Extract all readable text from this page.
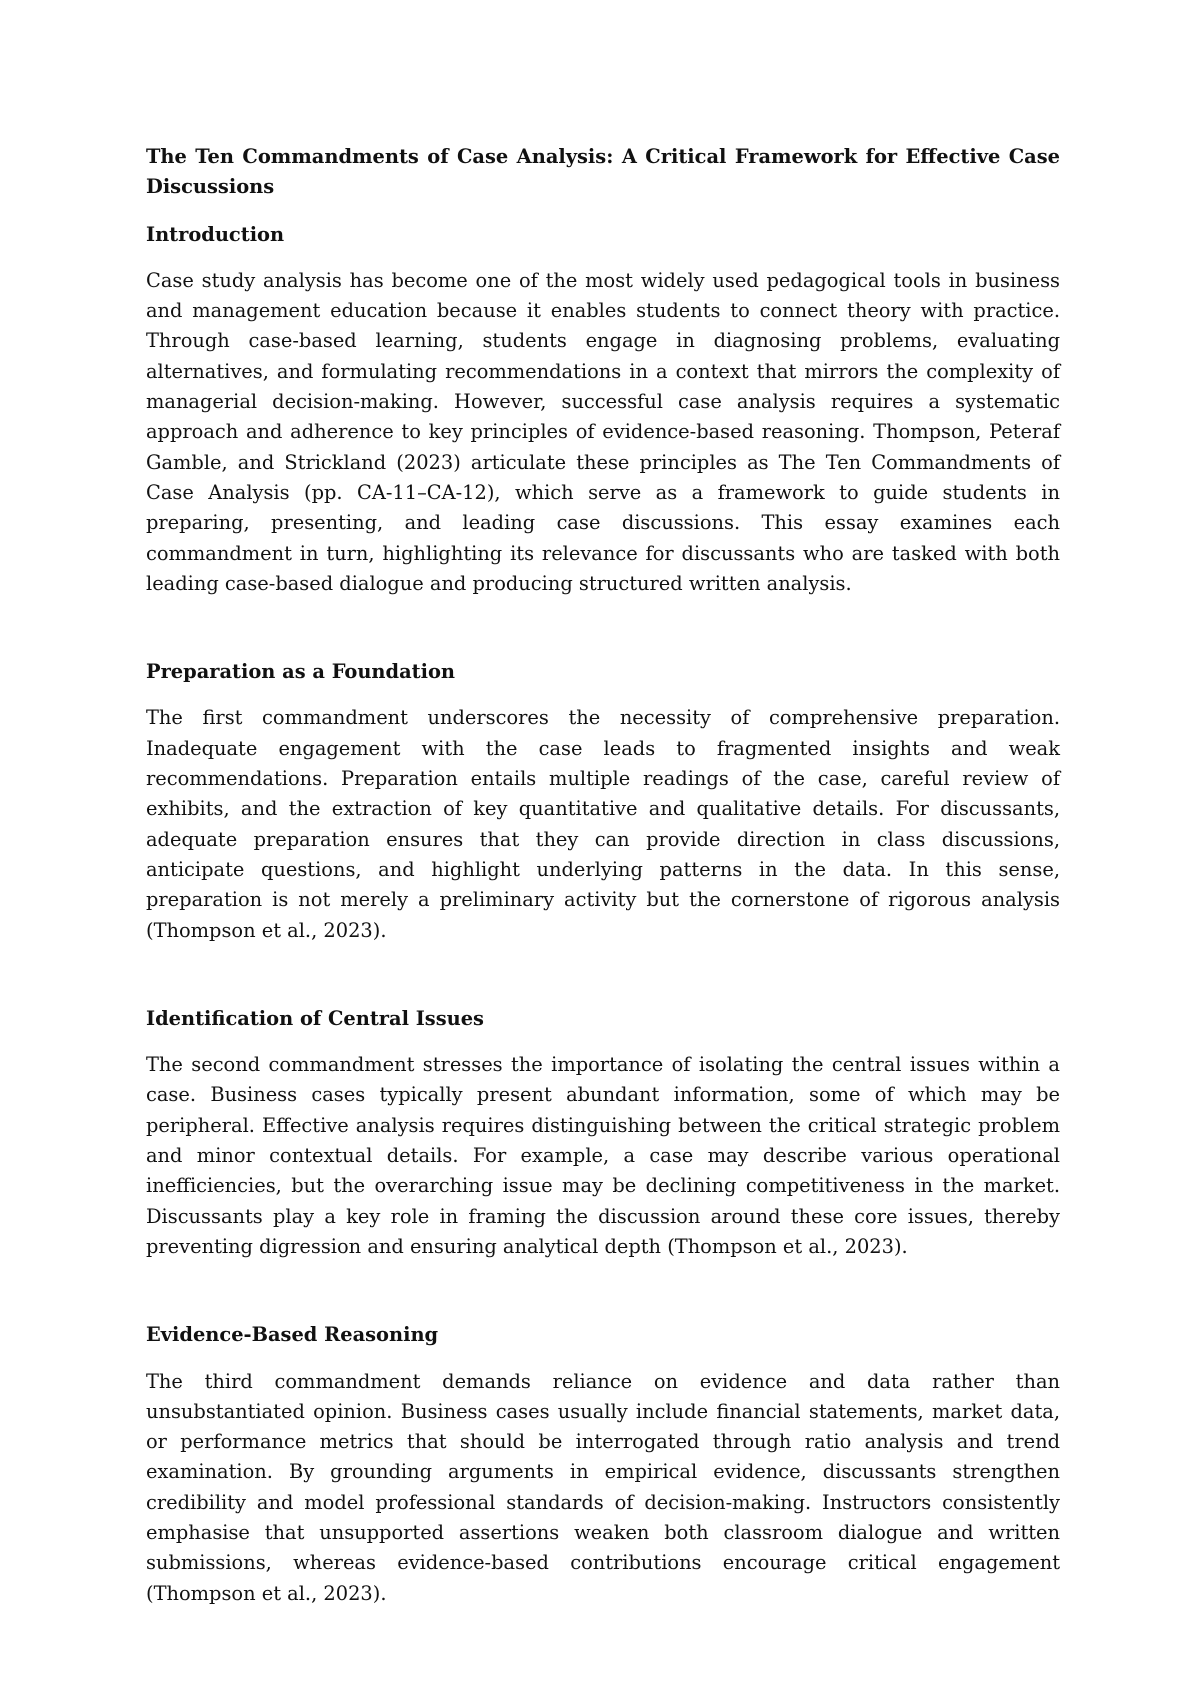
The Ten Commandments of Case Analysis: A Critical Framework for Effective Case Discussions
Introduction

Case study analysis has become one of the most widely used pedagogical tools in business and management education because it enables students to connect theory with practice. Through case-based learning, students engage in diagnosing problems, evaluating alternatives, and formulating recommendations in a context that mirrors the complexity of managerial decision-making. However, successful case analysis requires a systematic approach and adherence to key principles of evidence-based reasoning. Thompson, Peteraf Gamble, and Strickland (2023) articulate these principles as The Ten Commandments of Case Analysis (pp. CA-11–CA-12), which serve as a framework to guide students in preparing, presenting, and leading case discussions. This essay examines each commandment in turn, highlighting its relevance for discussants who are tasked with both leading case-based dialogue and producing structured written analysis.

Preparation as a Foundation

The first commandment underscores the necessity of comprehensive preparation. Inadequate engagement with the case leads to fragmented insights and weak recommendations. Preparation entails multiple readings of the case, careful review of exhibits, and the extraction of key quantitative and qualitative details. For discussants, adequate preparation ensures that they can provide direction in class discussions, anticipate questions, and highlight underlying patterns in the data. In this sense, preparation is not merely a preliminary activity but the cornerstone of rigorous analysis (Thompson et al., 2023).

Identification of Central Issues

The second commandment stresses the importance of isolating the central issues within a case. Business cases typically present abundant information, some of which may be peripheral. Effective analysis requires distinguishing between the critical strategic problem and minor contextual details. For example, a case may describe various operational inefficiencies, but the overarching issue may be declining competitiveness in the market. Discussants play a key role in framing the discussion around these core issues, thereby preventing digression and ensuring analytical depth (Thompson et al., 2023).

Evidence-Based Reasoning

The third commandment demands reliance on evidence and data rather than unsubstantiated opinion. Business cases usually include financial statements, market data, or performance metrics that should be interrogated through ratio analysis and trend examination. By grounding arguments in empirical evidence, discussants strengthen credibility and model professional standards of decision-making. Instructors consistently emphasise that unsupported assertions weaken both classroom dialogue and written submissions, whereas evidence-based contributions encourage critical engagement (Thompson et al., 2023).
